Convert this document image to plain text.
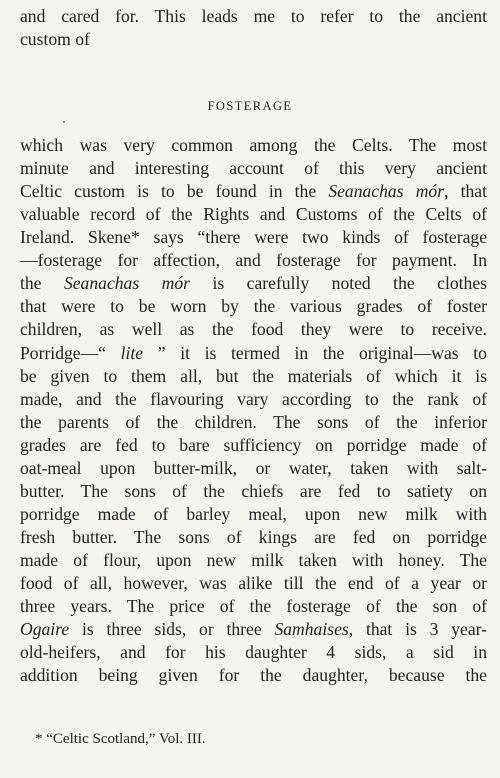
and cared for. This leads me to refer to the ancient
custom of
FOSTERAGE
which was very common among the Celts. The most
minute and interesting account of this very ancient
Celtic custom is to be found in the Seanachas mór, that
valuable record of the Rights and Customs of the Celts of
Ireland. Skene* says “there were two kinds of fosterage
—fosterage for affection, and fosterage for payment. In
the Seanachas mór is carefully noted the clothes
that were to be worn by the various grades of foster
children, as well as the food they were to receive.
Porridge—“ lite ” it is termed in the original—was to
be given to them all, but the materials of which it is
made, and the flavouring vary according to the rank of
the parents of the children. The sons of the inferior
grades are fed to bare sufficiency on porridge made of
oat-meal upon butter-milk, or water, taken with salt-
butter. The sons of the chiefs are fed to satiety on
porridge made of barley meal, upon new milk with
fresh butter. The sons of kings are fed on porridge
made of flour, upon new milk taken with honey. The
food of all, however, was alike till the end of a year or
three years. The price of the fosterage of the son of
Ogaire is three sids, or three Samhaises, that is 3 year-
old-heifers, and for his daughter 4 sids, a sid in
addition being given for the daughter, because the
* “Celtic Scotland,” Vol. III.
